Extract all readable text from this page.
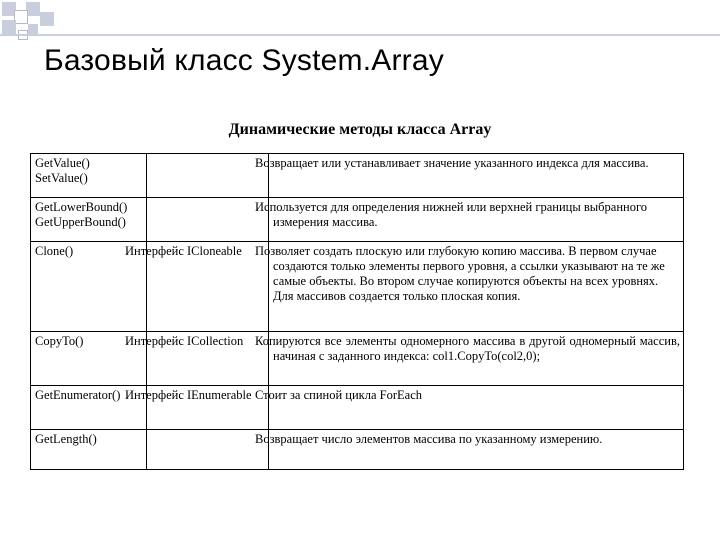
Базовый класс System.Array
Динамические методы класса Array
GetValue()
SetValue()		Возвращает или устанавливает значение указанного индекса для массива.

GetLowerBound()
GetUpperBound()		Используется для определения нижней или верхней границы выбранного измерения массива.

Clone()	Интерфейс ICloneable	Позволяет создать плоскую или глубокую копию массива. В первом случае создаются только элементы первого уровня, а ссылки указывают на те же самые объекты. Во втором случае копируются объекты на всех уровнях. Для массивов создается только плоская копия.

CopyTo()	Интерфейс ICollection	Копируются все элементы одномерного массива в другой одномерный массив, начиная с заданного индекса: col1.CopyTo(col2,0);

GetEnumerator()	Интерфейс IEnumerable	Стоит за спиной цикла ForEach

GetLength()		Возвращает число элементов массива по указанному измерению.
